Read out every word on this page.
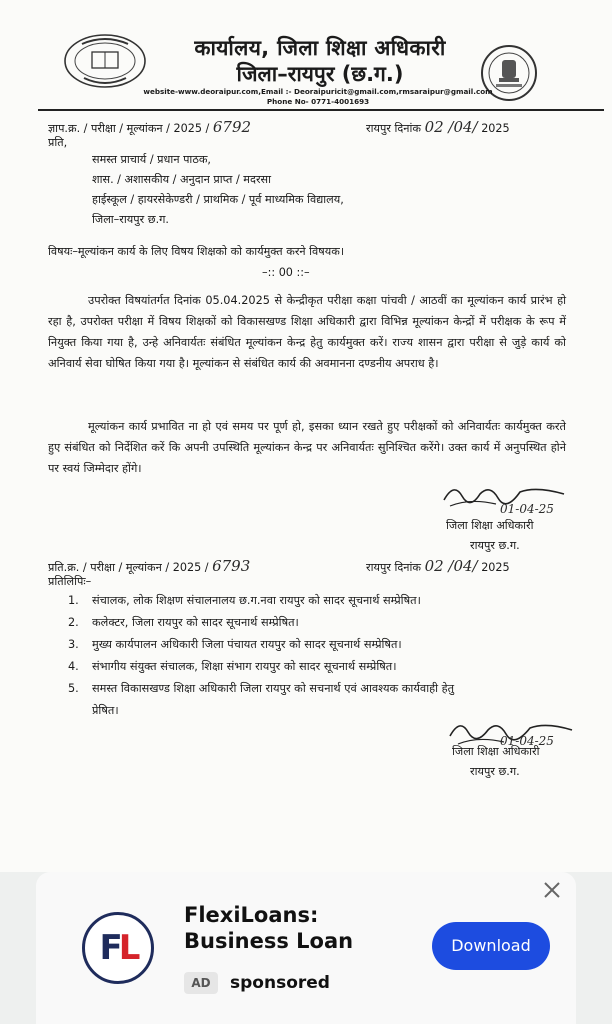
कार्यालय, जिला शिक्षा अधिकारी
जिला–रायपुर (छ.ग.)
website-www.deoraipur.com,Email :- Deoraipuricit@gmail.com,rmsaraipur@gmail.com
Phone No- 0771-4001693
ज्ञाप.क्र. / परीक्षा / मूल्यांकन / 2025 / 6792	रायपुर दिनांक 02 /04/ 2025
प्रति,
समस्त प्राचार्य / प्रधान पाठक,
शास. / अशासकीय / अनुदान प्राप्त / मदरसा
हाईस्कूल / हायरसेकेण्डरी / प्राथमिक / पूर्व माध्यमिक विद्यालय,
जिला–रायपुर छ.ग.
विषयः–मूल्यांकन कार्य के लिए विषय शिक्षको को कार्यमुक्त करने विषयक।
–:: 00 ::–
उपरोक्त विषयांतर्गत दिनांक 05.04.2025 से केन्द्रीकृत परीक्षा कक्षा पांचवी / आठवीं का मूल्यांकन कार्य प्रारंभ हो रहा है, उपरोक्त परीक्षा में विषय शिक्षकों को विकासखण्ड शिक्षा अधिकारी द्वारा विभिन्न मूल्यांकन केन्द्रों में परीक्षक के रूप में नियुक्त किया गया है, उन्हे अनिवार्यतः संबंधित मूल्यांकन केन्द्र हेतु कार्यमुक्त करें। राज्य शासन द्वारा परीक्षा से जुड़े कार्य को अनिवार्य सेवा घोषित किया गया है। मूल्यांकन से संबंधित कार्य की अवमानना दण्डनीय अपराध है।
मूल्यांकन कार्य प्रभावित ना हो एवं समय पर पूर्ण हो, इसका ध्यान रखते हुए परीक्षकों को अनिवार्यतः कार्यमुक्त करते हुए संबंधित को निर्देशित करें कि अपनी उपस्थिति मूल्यांकन केन्द्र पर अनिवार्यतः सुनिश्चित करेंगे। उक्त कार्य में अनुपस्थित होने पर स्वयं जिम्मेदार होंगे।
01-04-25
जिला शिक्षा अधिकारी
रायपुर छ.ग.
प्रति.क्र. / परीक्षा / मूल्यांकन / 2025 / 6793	रायपुर दिनांक 02 /04/ 2025
प्रतिलिपिः–
1.	संचालक, लोक शिक्षण संचालनालय छ.ग.नवा रायपुर को सादर सूचनार्थ सम्प्रेषित।
2.	कलेक्टर, जिला रायपुर को सादर सूचनार्थ सम्प्रेषित।
3.	मुख्य कार्यपालन अधिकारी जिला पंचायत रायपुर को सादर सूचनार्थ सम्प्रेषित।
4.	संभागीय संयुक्त संचालक, शिक्षा संभाग रायपुर को सादर सूचनार्थ सम्प्रेषित।
5.	समस्त विकासखण्ड शिक्षा अधिकारी जिला रायपुर को सचनार्थ एवं आवश्यक कार्यवाही हेतु
प्रेषित।
01-04-25
जिला शिक्षा अधिकारी
रायपुर छ.ग.
FL
FlexiLoans: Business Loan	Download
AD	sponsored
